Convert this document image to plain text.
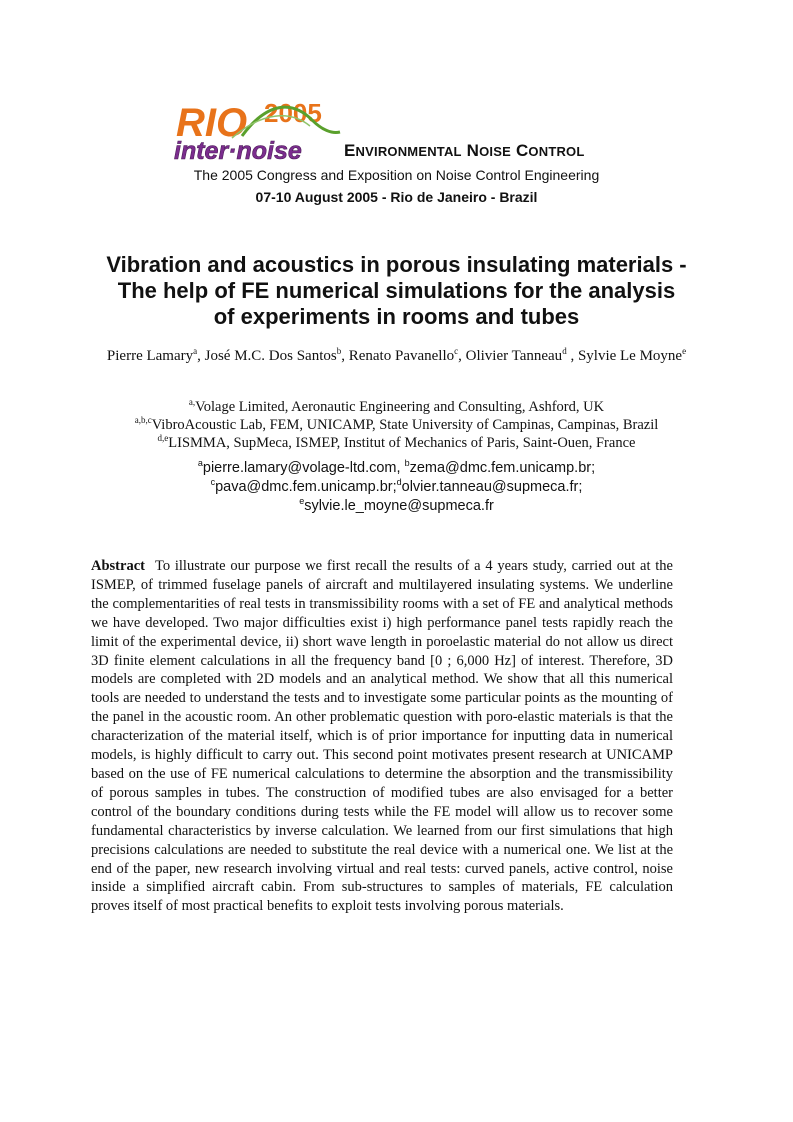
RIO 2005
inter·noise ENVIRONMENTAL NOISE CONTROL
The 2005 Congress and Exposition on Noise Control Engineering
07-10 August 2005 - Rio de Janeiro - Brazil
Vibration and acoustics in porous insulating materials -
The help of FE numerical simulations for the analysis
of experiments in rooms and tubes
Pierre Lamary$^a$, José M.C. Dos Santos$^b$, Renato Pavanello$^c$, Olivier Tanneau$^d$ , Sylvie Le Moyne$^e$
$^{a,}$Volage Limited, Aeronautic Engineering and Consulting, Ashford, UK
$^{a,b,c}$VibroAcoustic Lab, FEM, UNICAMP, State University of Campinas, Campinas, Brazil
$^{d,e}$LISMMA, SupMeca, ISMEP, Institut of Mechanics of Paris, Saint-Ouen, France
$^a$pierre.lamary@volage-ltd.com, $^b$zema@dmc.fem.unicamp.br;
$^c$pava@dmc.fem.unicamp.br;$^d$olvier.tanneau@supmeca.fr;
$^e$sylvie.le_moyne@supmeca.fr
Abstract To illustrate our purpose we first recall the results of a 4 years study, carried out at the ISMEP, of trimmed fuselage panels of aircraft and multilayered insulating systems. We underline the complementarities of real tests in transmissibility rooms with a set of FE and analytical methods we have developed. Two major difficulties exist i) high performance panel tests rapidly reach the limit of the experimental device, ii) short wave length in poroelastic material do not allow us direct 3D finite element calculations in all the frequency band [0 ; 6,000 Hz] of interest. Therefore, 3D models are completed with 2D models and an analytical method. We show that all this numerical tools are needed to understand the tests and to investigate some particular points as the mounting of the panel in the acoustic room. An other problematic question with poro-elastic materials is that the characterization of the material itself, which is of prior importance for inputting data in numerical models, is highly difficult to carry out. This second point motivates present research at UNICAMP based on the use of FE numerical calculations to determine the absorption and the transmissibility of porous samples in tubes. The construction of modified tubes are also envisaged for a better control of the boundary conditions during tests while the FE model will allow us to recover some fundamental characteristics by inverse calculation. We learned from our first simulations that high precisions calculations are needed to substitute the real device with a numerical one. We list at the end of the paper, new research involving virtual and real tests: curved panels, active control, noise inside a simplified aircraft cabin. From sub-structures to samples of materials, FE calculation proves itself of most practical benefits to exploit tests involving porous materials.
